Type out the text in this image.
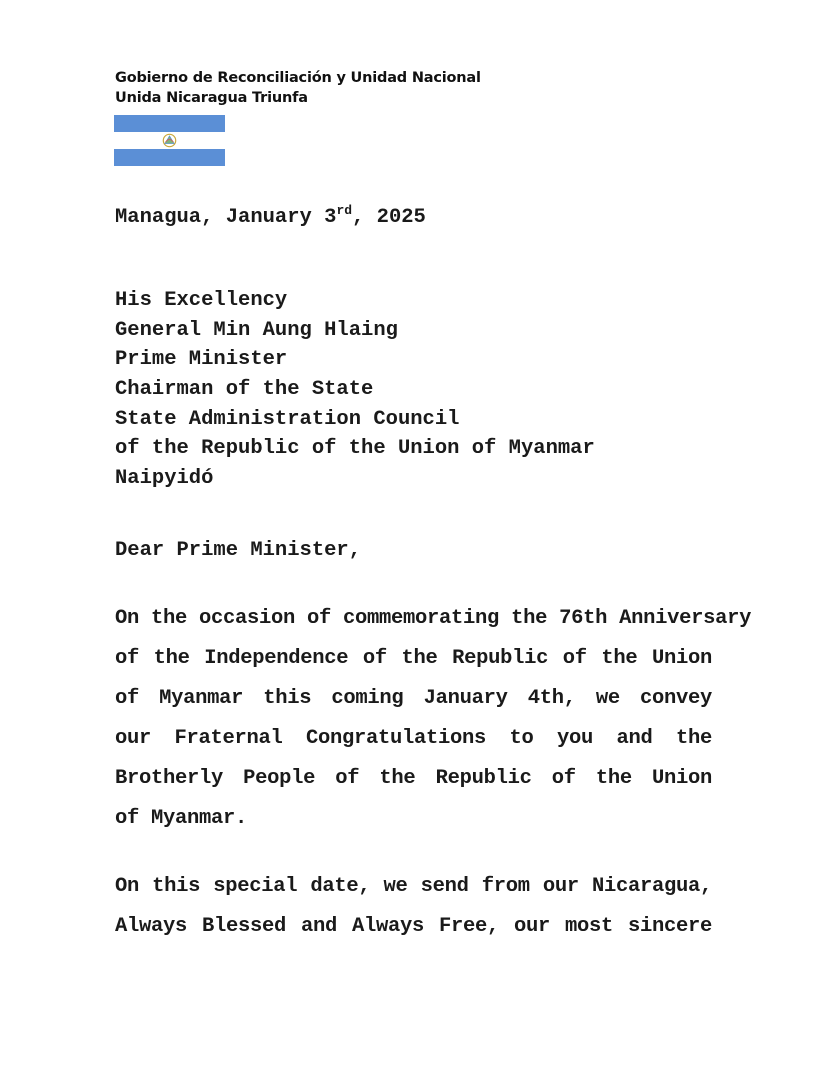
Gobierno de Reconciliación y Unidad Nacional
Unida Nicaragua Triunfa
Managua, January 3rd, 2025
His Excellency
General Min Aung Hlaing
Prime Minister
Chairman of the State
State Administration Council
of the Republic of the Union of Myanmar
Naipyidó
Dear Prime Minister,
On the occasion of commemorating the 76th Anniversary
of the Independence of the Republic of the Union
of Myanmar this coming January 4th, we convey
our Fraternal Congratulations to you and the
Brotherly People of the Republic of the Union
of Myanmar.
On this special date, we send from our Nicaragua,
Always Blessed and Always Free, our most sincere
